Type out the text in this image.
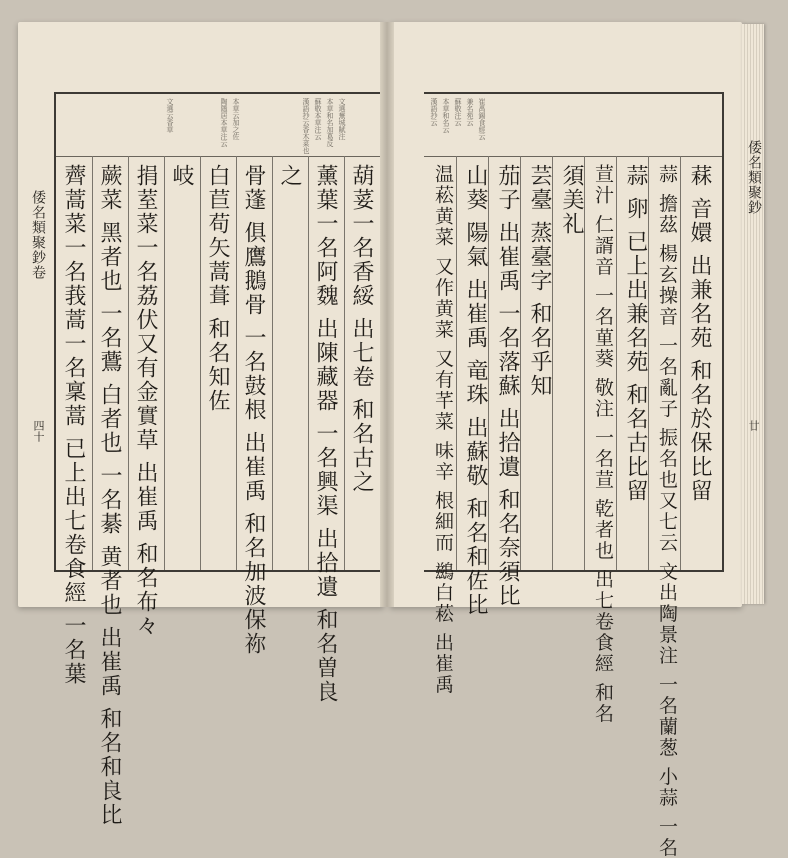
文選蕪城賦注
本草和名加葛反
蘇敬本草注云
漢語抄云香木菜也
本草云加之佐
陶隱居本草注云
文選云香草
葫荽一名香綏 出七卷 和名古之
薰葉一名阿魏 出陳藏器 一名興渠 出拾遺 和名曽良
之
骨蓬 俱鷹鵝骨 一名鼓根 出崔禹 和名加波保祢
白苣苟矢蒿葺 和名知佐
岐
捐荎菜一名荔伏又有金實草 出崔禹 和名布々
蕨菜 黑者也 一名鷰 白者也 一名綦 黄者也 出崔禹 和名和良比
薺蒿菜一名莪蒿一名稟蒿 已上出七卷食經 一名葉
倭名類聚鈔卷
四十
漢語抄云 本草和名云 蘇敬注云 兼名苑云 崔禹錫食經云
䔉 音嬛 出兼名苑 和名於保比留
蒜 擔茲 楊玄操音 一名亂子 振名也又七云 文出陶景注 一名蘭葱 小蒜 一名
蒜 卵 已上出兼名苑 和名古比留
荁汁 仁諝音 一名荲葵 敬注 一名荁 乾者也 出七卷食經 和名
須美礼
芸臺 蒸臺字 和名乎知
茄子 出崔禹 一名落蘇 出拾遺 和名奈須比
山葵 陽氣 出崔禹 竜珠 出蘇敬 和名和佐比
温菘黄菜 又作黄菜 又有芊菜 味辛 根細而 鷀白菘 出崔禹	倭名類聚鈔
廿
